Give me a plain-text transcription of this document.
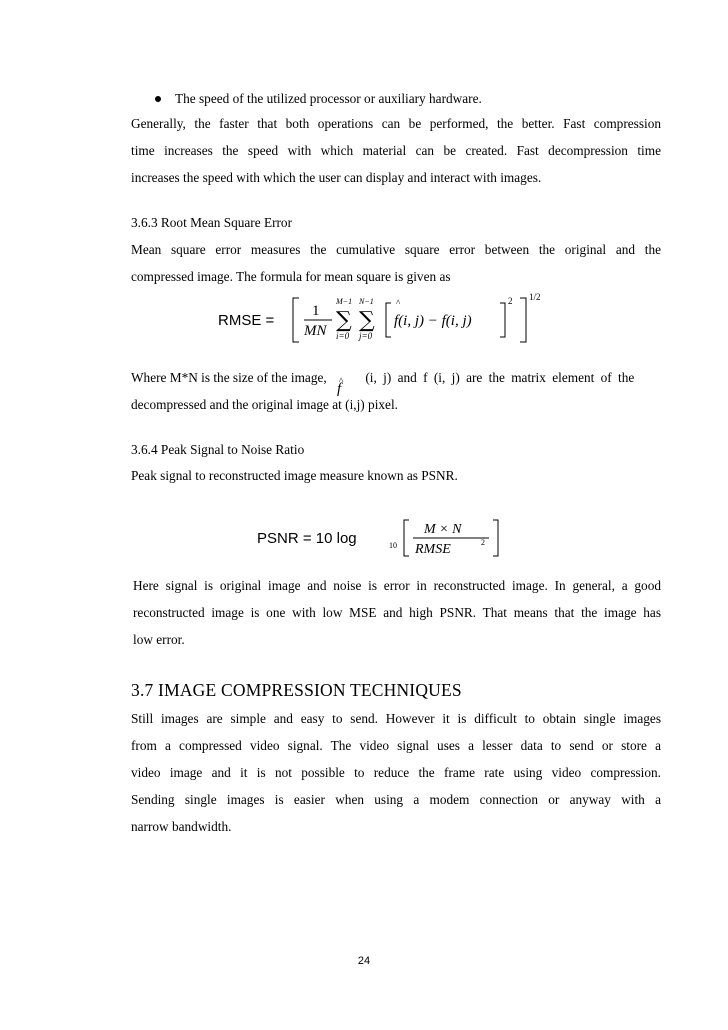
The speed of the utilized processor or auxiliary hardware.

Generally, the faster that both operations can be performed, the better. Fast compression
time increases the speed with which material can be created. Fast decompression time
increases the speed with which the user can display and interact with images.

3.6.3 Root Mean Square Error

Mean square error measures the cumulative square error between the original and the
compressed image. The formula for mean square is given as

RMSE =
1
MN
M−1
∑
i=0
N−1
∑
j=0
^
f(i, j) − f(i, j)
2 1/2
Where M*N is the size of the image, ^
f
(i, j) and f (i, j) are the matrix element of the
decompressed and the original image at (i,j) pixel.
3.6.4 Peak Signal to Noise Ratio

Peak signal to reconstructed image measure known as PSNR.

PSNR = 10 log	10
M × N
RMSE	2

Here signal is original image and noise is error in reconstructed image. In general, a good
reconstructed image is one with low MSE and high PSNR. That means that the image has
low error.

3.7 IMAGE COMPRESSION TECHNIQUES

Still images are simple and easy to send. However it is difficult to obtain single images
from a compressed video signal. The video signal uses a lesser data to send or store a
video image and it is not possible to reduce the frame rate using video compression.
Sending single images is easier when using a modem connection or anyway with a
narrow bandwidth.

24
